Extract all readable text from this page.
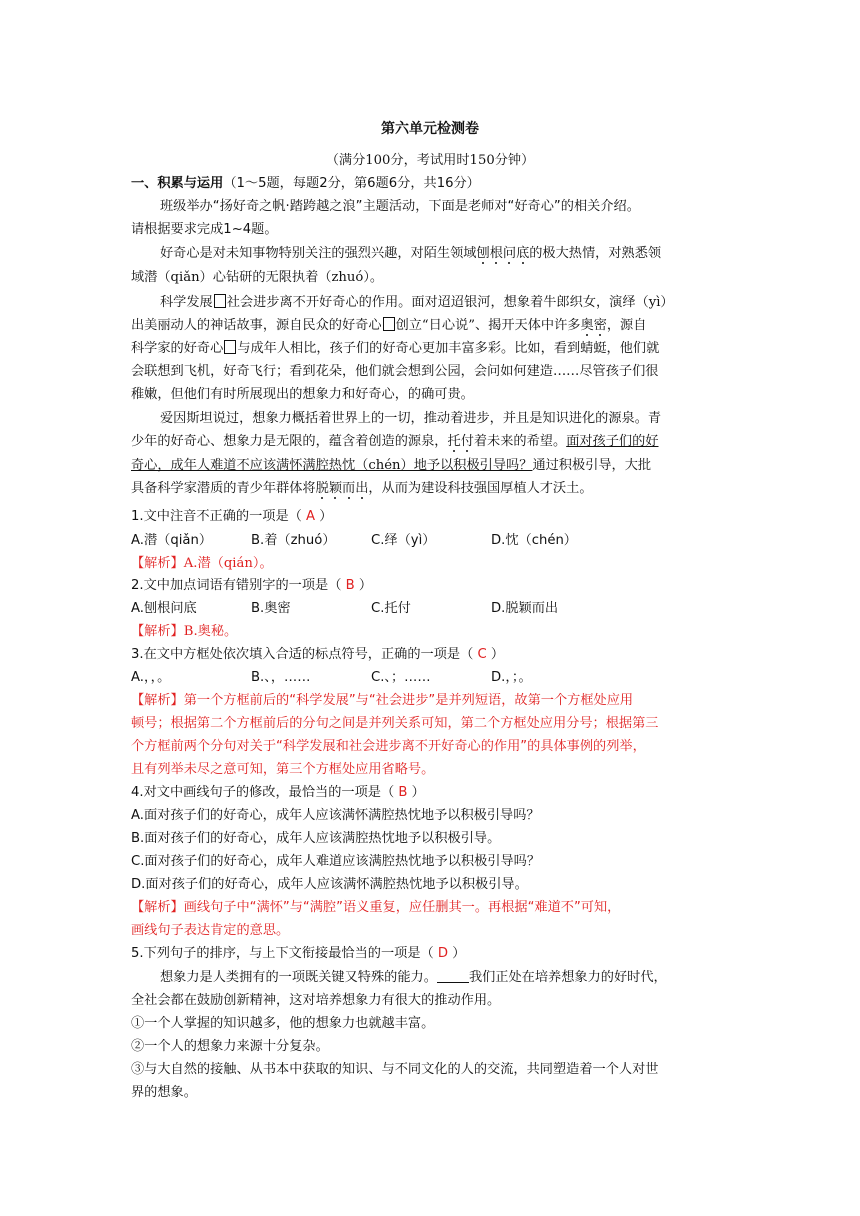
第六单元检测卷
（满分100分，考试用时150分钟）
一、积累与运用（1～5题，每题2分，第6题6分，共16分）
班级举办“扬好奇之帆·踏跨越之浪”主题活动，下面是老师对“好奇心”的相关介绍。
请根据要求完成1~4题。
好奇心是对未知事物特别关注的强烈兴趣，对陌生领域刨根问底的极大热情，对熟悉领
域潜（qiǎn）心钻研的无限执着（zhuó）。
科学发展 社会进步离不开好奇心的作用。面对迢迢银河，想象着牛郎织女，演绎（yì）
出美丽动人的神话故事，源自民众的好奇心 创立“日心说”、揭开天体中许多奥密，源自
科学家的好奇心 与成年人相比，孩子们的好奇心更加丰富多彩。比如，看到蜻蜓，他们就
会联想到飞机，好奇飞行；看到花朵，他们就会想到公园，会问如何建造……尽管孩子们很
稚嫩，但他们有时所展现出的想象力和好奇心，的确可贵。
爱因斯坦说过，想象力概括着世界上的一切，推动着进步，并且是知识进化的源泉。青
少年的好奇心、想象力是无限的，蕴含着创造的源泉，托付着未来的希望。面对孩子们的好
奇心，成年人难道不应该满怀满腔热忱（chén）地予以积极引导吗？通过积极引导，大批
具备科学家潜质的青少年群体将脱颖而出，从而为建设科技强国厚植人才沃土。
1.文中注音不正确的一项是（ A ）
A.潜（qiǎn）	B.着（zhuó）	C.绎（yì）	D.忱（chén）
【解析】A.潜（qián）。
2.文中加点词语有错别字的一项是（ B ）
A.刨根问底	B.奥密	C.托付	D.脱颖而出
【解析】B.奥秘。
3.在文中方框处依次填入合适的标点符号，正确的一项是（ C ）
A.，，。	B.、，……	C.、；……	D.，；。
【解析】第一个方框前后的“科学发展”与“社会进步”是并列短语，故第一个方框处应用
顿号；根据第二个方框前后的分句之间是并列关系可知，第二个方框处应用分号；根据第三
个方框前两个分句对关于“科学发展和社会进步离不开好奇心的作用”的具体事例的列举，
且有列举未尽之意可知，第三个方框处应用省略号。
4.对文中画线句子的修改，最恰当的一项是（ B ）
A.面对孩子们的好奇心，成年人应该满怀满腔热忱地予以积极引导吗？
B.面对孩子们的好奇心，成年人应该满腔热忱地予以积极引导。
C.面对孩子们的好奇心，成年人难道应该满腔热忱地予以积极引导吗？
D.面对孩子们的好奇心，成年人应该满怀满腔热忱地予以积极引导。
【解析】画线句子中“满怀”与“满腔”语义重复，应任删其一。再根据“难道不”可知，
画线句子表达肯定的意思。
5.下列句子的排序，与上下文衔接最恰当的一项是（ D ）
想象力是人类拥有的一项既关键又特殊的能力。 我们正处在培养想象力的好时代，
全社会都在鼓励创新精神，这对培养想象力有很大的推动作用。
①一个人掌握的知识越多，他的想象力也就越丰富。
②一个人的想象力来源十分复杂。
③与大自然的接触、从书本中获取的知识、与不同文化的人的交流，共同塑造着一个人对世
界的想象。
